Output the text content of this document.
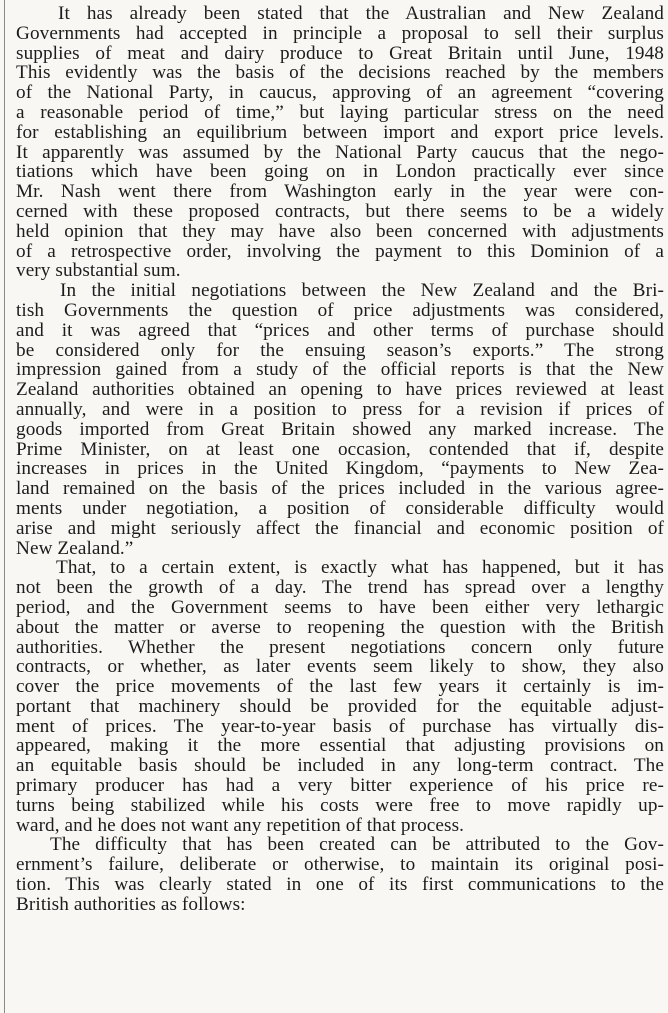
It has already been stated that the Australian and New Zealand
Governments had accepted in principle a proposal to sell their surplus
supplies of meat and dairy produce to Great Britain until June, 1948
This evidently was the basis of the decisions reached by the members
of the National Party, in caucus, approving of an agreement “covering
a reasonable period of time,” but laying particular stress on the need
for establishing an equilibrium between import and export price levels.
It apparently was assumed by the National Party caucus that the nego-
tiations which have been going on in London practically ever since
Mr. Nash went there from Washington early in the year were con-
cerned with these proposed contracts, but there seems to be a widely
held opinion that they may have also been concerned with adjustments
of a retrospective order, involving the payment to this Dominion of a
very substantial sum.
In the initial negotiations between the New Zealand and the Bri-
tish Governments the question of price adjustments was considered,
and it was agreed that “prices and other terms of purchase should
be considered only for the ensuing season’s exports.” The strong
impression gained from a study of the official reports is that the New
Zealand authorities obtained an opening to have prices reviewed at least
annually, and were in a position to press for a revision if prices of
goods imported from Great Britain showed any marked increase. The
Prime Minister, on at least one occasion, contended that if, despite
increases in prices in the United Kingdom, “payments to New Zea-
land remained on the basis of the prices included in the various agree-
ments under negotiation, a position of considerable difficulty would
arise and might seriously affect the financial and economic position of
New Zealand.”
That, to a certain extent, is exactly what has happened, but it has
not been the growth of a day. The trend has spread over a lengthy
period, and the Government seems to have been either very lethargic
about the matter or averse to reopening the question with the British
authorities. Whether the present negotiations concern only future
contracts, or whether, as later events seem likely to show, they also
cover the price movements of the last few years it certainly is im-
portant that machinery should be provided for the equitable adjust-
ment of prices. The year-to-year basis of purchase has virtually dis-
appeared, making it the more essential that adjusting provisions on
an equitable basis should be included in any long-term contract. The
primary producer has had a very bitter experience of his price re-
turns being stabilized while his costs were free to move rapidly up-
ward, and he does not want any repetition of that process.
The difficulty that has been created can be attributed to the Gov-
ernment’s failure, deliberate or otherwise, to maintain its original posi-
tion. This was clearly stated in one of its first communications to the
British authorities as follows:
